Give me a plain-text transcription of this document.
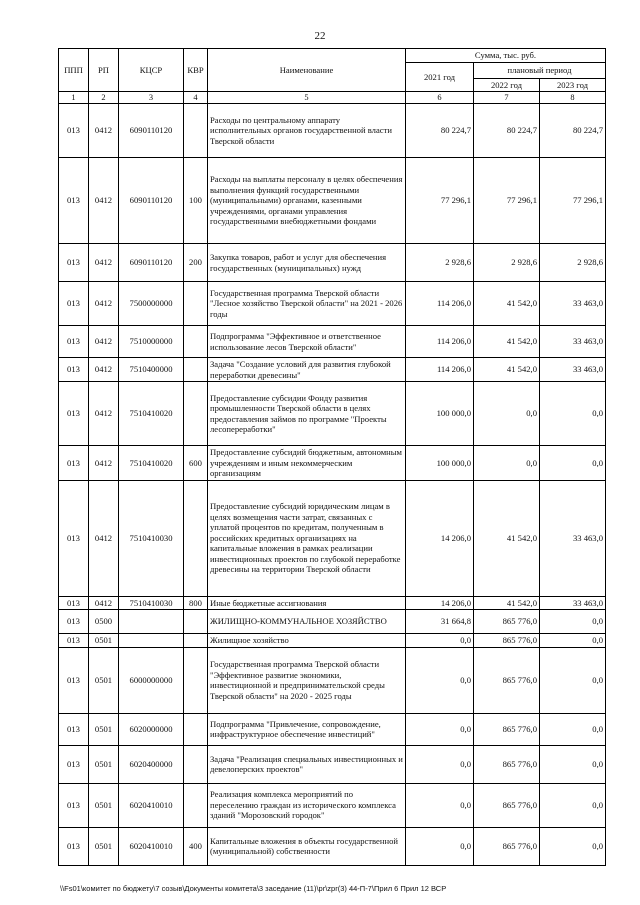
22
ППП	РП	КЦСР	КВР	Наименование	Сумма, тыс. руб.		
					2021 год	плановый период	
						2022 год	2023 год
1	2	3	4	5	6	7	8
013	0412	6090110120		Расходы по центральному аппарату исполнительных органов государственной власти Тверской области	80 224,7	80 224,7	80 224,7
013	0412	6090110120	100	Расходы на выплаты персоналу в целях обеспечения выполнения функций государственными (муниципальными) органами, казенными учреждениями, органами управления государственными внебюджетными фондами	77 296,1	77 296,1	77 296,1
013	0412	6090110120	200	Закупка товаров, работ и услуг для обеспечения государственных (муниципальных) нужд	2 928,6	2 928,6	2 928,6
013	0412	7500000000		Государственная программа Тверской области "Лесное хозяйство Тверской области" на 2021 - 2026 годы	114 206,0	41 542,0	33 463,0
013	0412	7510000000		Подпрограмма "Эффективное и ответственное использование лесов Тверской области"	114 206,0	41 542,0	33 463,0
013	0412	7510400000		Задача "Создание условий для развития глубокой переработки древесины"	114 206,0	41 542,0	33 463,0
013	0412	7510410020		Предоставление субсидии Фонду развития промышленности Тверской области в целях предоставления займов по программе "Проекты лесопереработки"	100 000,0	0,0	0,0
013	0412	7510410020	600	Предоставление субсидий бюджетным, автономным учреждениям и иным некоммерческим организациям	100 000,0	0,0	0,0
013	0412	7510410030		Предоставление субсидий юридическим лицам в целях возмещения части затрат, связанных с уплатой процентов по кредитам, полученным в российских кредитных организациях на капитальные вложения в рамках реализации инвестиционных проектов по глубокой переработке древесины на территории Тверской области	14 206,0	41 542,0	33 463,0
013	0412	7510410030	800	Иные бюджетные ассигнования	14 206,0	41 542,0	33 463,0
013	0500			ЖИЛИЩНО-КОММУНАЛЬНОЕ ХОЗЯЙСТВО	31 664,8	865 776,0	0,0
013	0501			Жилищное хозяйство	0,0	865 776,0	0,0
013	0501	6000000000		Государственная программа Тверской области "Эффективное развитие экономики, инвестиционной и предпринимательской среды Тверской области" на 2020 - 2025 годы	0,0	865 776,0	0,0
013	0501	6020000000		Подпрограмма "Привлечение, сопровождение, инфраструктурное обеспечение инвестиций"	0,0	865 776,0	0,0
013	0501	6020400000		Задача "Реализация специальных инвестиционных и девелоперских проектов"	0,0	865 776,0	0,0
013	0501	6020410010		Реализация комплекса мероприятий по переселению граждан из исторического комплекса зданий "Морозовский городок"	0,0	865 776,0	0,0
013	0501	6020410010	400	Капитальные вложения в объекты государственной (муниципальной) собственности	0,0	865 776,0	0,0
\\Fs01\комитет по бюджету\7 созыв\Документы комитета\3 заседание (11)\pr\zpr(3) 44-П-7\Прил 6 Прил 12 ВСР
